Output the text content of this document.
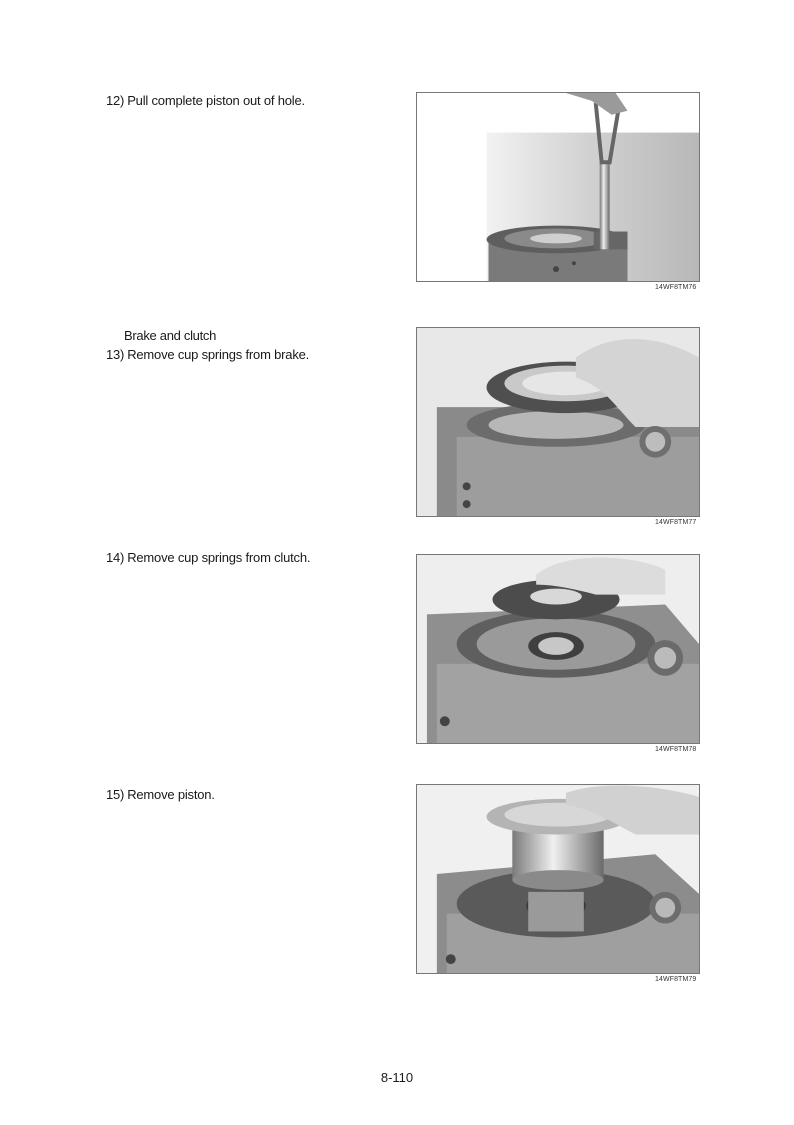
12) Pull complete piston out of hole.
14WF8TM76
Brake and clutch
13) Remove cup springs from brake.
14WF8TM77
14) Remove cup springs from clutch.
14WF8TM78
15) Remove piston.
14WF8TM79
8-110
